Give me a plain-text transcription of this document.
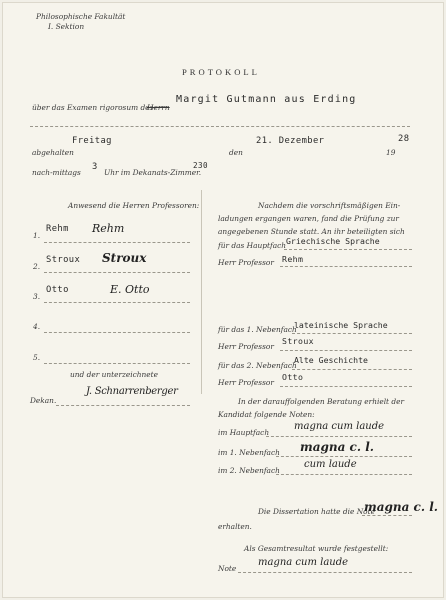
Philosophische Fakultät
I. Sektion
PROTOKOLL
über das Examen rigorosum des
Herrn
Margit Gutmann aus Erding
abgehalten
Freitag
den
21. Dezember
19
28
nach-mittags
3
Uhr im Dekanats-Zimmer.
230
Anwesend die Herren Professoren:
1.
Rehm Rehm
2.
Stroux Stroux
3.
Otto	E. Otto
4.
5.
und der unterzeichnete
Dekan.
J. Schnarrenberger
Nachdem die vorschriftsmäßigen Ein-
ladungen ergangen waren, fand die Prüfung zur
angegebenen Stunde statt. An ihr beteiligten sich
für das Hauptfach Griechische Sprache
Herr Professor Rehm
für das 1. Nebenfach
lateinische Sprache
Herr Professor
Stroux
für das 2. Nebenfach
Alte Geschichte
Herr Professor
Otto
In der darauffolgenden Beratung erhielt der
Kandidat folgende Noten:
im Hauptfach
magna cum laude
im 1. Nebenfach magna c. l.
im 2. Nebenfach
cum laude
Die Dissertation hatte die Note
magna c. l.
erhalten.
Als Gesamtresultat wurde festgestellt:
Note
magna cum laude
